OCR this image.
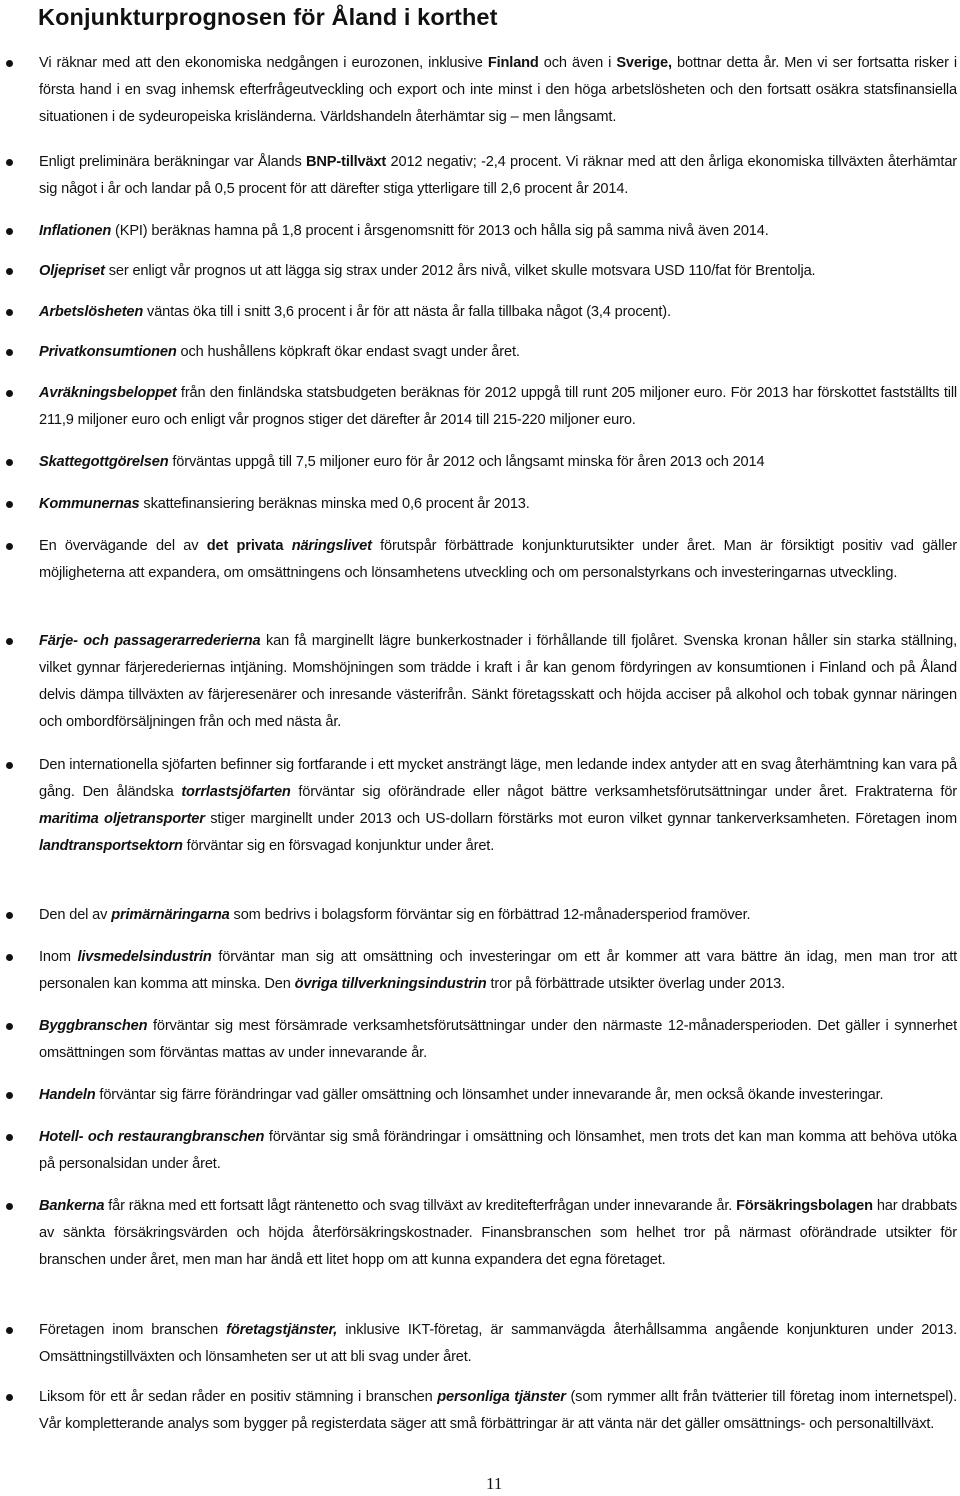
Konjunkturprognosen för Åland i korthet
Vi räknar med att den ekonomiska nedgången i eurozonen, inklusive Finland och även i Sverige, bottnar detta år. Men vi ser fortsatta risker i första hand i en svag inhemsk efterfrågeutveckling och export och inte minst i den höga arbetslösheten och den fortsatt osäkra statsfinansiella situationen i de sydeuropeiska krisländerna. Världshandeln återhämtar sig – men långsamt.
Enligt preliminära beräkningar var Ålands BNP-tillväxt 2012 negativ; -2,4 procent. Vi räknar med att den årliga ekonomiska tillväxten återhämtar sig något i år och landar på 0,5 procent för att därefter stiga ytterligare till 2,6 procent år 2014.
Inflationen (KPI) beräknas hamna på 1,8 procent i årsgenomsnitt för 2013 och hålla sig på samma nivå även 2014.
Oljepriset ser enligt vår prognos ut att lägga sig strax under 2012 års nivå, vilket skulle motsvara USD 110/fat för Brentolja.
Arbetslösheten väntas öka till i snitt 3,6 procent i år för att nästa år falla tillbaka något (3,4 procent).
Privatkonsumtionen och hushållens köpkraft ökar endast svagt under året.
Avräkningsbeloppet från den finländska statsbudgeten beräknas för 2012 uppgå till runt 205 miljoner euro. För 2013 har förskottet fastställts till 211,9 miljoner euro och enligt vår prognos stiger det därefter år 2014 till 215-220 miljoner euro.
Skattegottgörelsen förväntas uppgå till 7,5 miljoner euro för år 2012 och långsamt minska för åren 2013 och 2014
Kommunernas skattefinansiering beräknas minska med 0,6 procent år 2013.
En övervägande del av det privata näringslivet förutspår förbättrade konjunkturutsikter under året. Man är försiktigt positiv vad gäller möjligheterna att expandera, om omsättningens och lönsamhetens utveckling och om personalstyrkans och investeringarnas utveckling.
Färje- och passagerarrederierna kan få marginellt lägre bunkerkostnader i förhållande till fjolåret. Svenska kronan håller sin starka ställning, vilket gynnar färjerederiernas intjäning. Momshöjningen som trädde i kraft i år kan genom fördyringen av konsumtionen i Finland och på Åland delvis dämpa tillväxten av färjeresenärer och inresande västerifrån. Sänkt företagsskatt och höjda acciser på alkohol och tobak gynnar näringen och ombordförsäljningen från och med nästa år.
Den internationella sjöfarten befinner sig fortfarande i ett mycket ansträngt läge, men ledande index antyder att en svag återhämtning kan vara på gång. Den åländska torrlastsjöfarten förväntar sig oförändrade eller något bättre verksamhetsförutsättningar under året. Fraktraterna för maritima oljetransporter stiger marginellt under 2013 och US-dollarn förstärks mot euron vilket gynnar tankerverksamheten. Företagen inom landtransportsektorn förväntar sig en försvagad konjunktur under året.
Den del av primärnäringarna som bedrivs i bolagsform förväntar sig en förbättrad 12-månadersperiod framöver.
Inom livsmedelsindustrin förväntar man sig att omsättning och investeringar om ett år kommer att vara bättre än idag, men man tror att personalen kan komma att minska. Den övriga tillverkningsindustrin tror på förbättrade utsikter överlag under 2013.
Byggbranschen förväntar sig mest försämrade verksamhetsförutsättningar under den närmaste 12-månadersperioden. Det gäller i synnerhet omsättningen som förväntas mattas av under innevarande år.
Handeln förväntar sig färre förändringar vad gäller omsättning och lönsamhet under innevarande år, men också ökande investeringar.
Hotell- och restaurangbranschen förväntar sig små förändringar i omsättning och lönsamhet, men trots det kan man komma att behöva utöka på personalsidan under året.
Bankerna får räkna med ett fortsatt lågt räntenetto och svag tillväxt av kreditefterfrågan under innevarande år. Försäkringsbolagen har drabbats av sänkta försäkringsvärden och höjda återförsäkringskostnader. Finansbranschen som helhet tror på närmast oförändrade utsikter för branschen under året, men man har ändå ett litet hopp om att kunna expandera det egna företaget.
Företagen inom branschen företagstjänster, inklusive IKT-företag, är sammanvägda återhållsamma angående konjunkturen under 2013. Omsättningstillväxten och lönsamheten ser ut att bli svag under året.
Liksom för ett år sedan råder en positiv stämning i branschen personliga tjänster (som rymmer allt från tvätterier till företag inom internetspel). Vår kompletterande analys som bygger på registerdata säger att små förbättringar är att vänta när det gäller omsättnings- och personaltillväxt.
11
